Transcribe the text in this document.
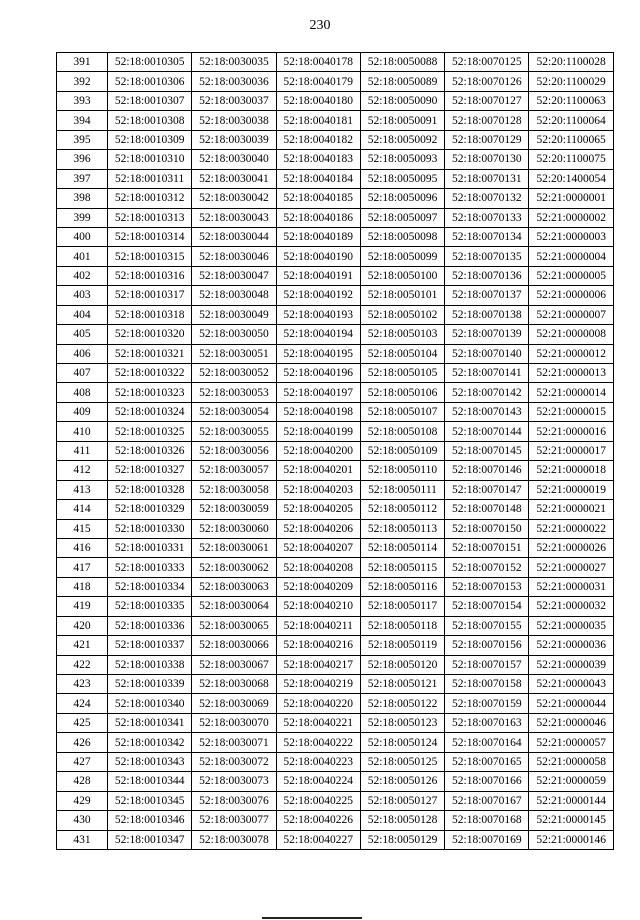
230
391	52:18:0010305	52:18:0030035	52:18:0040178	52:18:0050088	52:18:0070125	52:20:1100028
392	52:18:0010306	52:18:0030036	52:18:0040179	52:18:0050089	52:18:0070126	52:20:1100029
393	52:18:0010307	52:18:0030037	52:18:0040180	52:18:0050090	52:18:0070127	52:20:1100063
394	52:18:0010308	52:18:0030038	52:18:0040181	52:18:0050091	52:18:0070128	52:20:1100064
395	52:18:0010309	52:18:0030039	52:18:0040182	52:18:0050092	52:18:0070129	52:20:1100065
396	52:18:0010310	52:18:0030040	52:18:0040183	52:18:0050093	52:18:0070130	52:20:1100075
397	52:18:0010311	52:18:0030041	52:18:0040184	52:18:0050095	52:18:0070131	52:20:1400054
398	52:18:0010312	52:18:0030042	52:18:0040185	52:18:0050096	52:18:0070132	52:21:0000001
399	52:18:0010313	52:18:0030043	52:18:0040186	52:18:0050097	52:18:0070133	52:21:0000002
400	52:18:0010314	52:18:0030044	52:18:0040189	52:18:0050098	52:18:0070134	52:21:0000003
401	52:18:0010315	52:18:0030046	52:18:0040190	52:18:0050099	52:18:0070135	52:21:0000004
402	52:18:0010316	52:18:0030047	52:18:0040191	52:18:0050100	52:18:0070136	52:21:0000005
403	52:18:0010317	52:18:0030048	52:18:0040192	52:18:0050101	52:18:0070137	52:21:0000006
404	52:18:0010318	52:18:0030049	52:18:0040193	52:18:0050102	52:18:0070138	52:21:0000007
405	52:18:0010320	52:18:0030050	52:18:0040194	52:18:0050103	52:18:0070139	52:21:0000008
406	52:18:0010321	52:18:0030051	52:18:0040195	52:18:0050104	52:18:0070140	52:21:0000012
407	52:18:0010322	52:18:0030052	52:18:0040196	52:18:0050105	52:18:0070141	52:21:0000013
408	52:18:0010323	52:18:0030053	52:18:0040197	52:18:0050106	52:18:0070142	52:21:0000014
409	52:18:0010324	52:18:0030054	52:18:0040198	52:18:0050107	52:18:0070143	52:21:0000015
410	52:18:0010325	52:18:0030055	52:18:0040199	52:18:0050108	52:18:0070144	52:21:0000016
411	52:18:0010326	52:18:0030056	52:18:0040200	52:18:0050109	52:18:0070145	52:21:0000017
412	52:18:0010327	52:18:0030057	52:18:0040201	52:18:0050110	52:18:0070146	52:21:0000018
413	52:18:0010328	52:18:0030058	52:18:0040203	52:18:0050111	52:18:0070147	52:21:0000019
414	52:18:0010329	52:18:0030059	52:18:0040205	52:18:0050112	52:18:0070148	52:21:0000021
415	52:18:0010330	52:18:0030060	52:18:0040206	52:18:0050113	52:18:0070150	52:21:0000022
416	52:18:0010331	52:18:0030061	52:18:0040207	52:18:0050114	52:18:0070151	52:21:0000026
417	52:18:0010333	52:18:0030062	52:18:0040208	52:18:0050115	52:18:0070152	52:21:0000027
418	52:18:0010334	52:18:0030063	52:18:0040209	52:18:0050116	52:18:0070153	52:21:0000031
419	52:18:0010335	52:18:0030064	52:18:0040210	52:18:0050117	52:18:0070154	52:21:0000032
420	52:18:0010336	52:18:0030065	52:18:0040211	52:18:0050118	52:18:0070155	52:21:0000035
421	52:18:0010337	52:18:0030066	52:18:0040216	52:18:0050119	52:18:0070156	52:21:0000036
422	52:18:0010338	52:18:0030067	52:18:0040217	52:18:0050120	52:18:0070157	52:21:0000039
423	52:18:0010339	52:18:0030068	52:18:0040219	52:18:0050121	52:18:0070158	52:21:0000043
424	52:18:0010340	52:18:0030069	52:18:0040220	52:18:0050122	52:18:0070159	52:21:0000044
425	52:18:0010341	52:18:0030070	52:18:0040221	52:18:0050123	52:18:0070163	52:21:0000046
426	52:18:0010342	52:18:0030071	52:18:0040222	52:18:0050124	52:18:0070164	52:21:0000057
427	52:18:0010343	52:18:0030072	52:18:0040223	52:18:0050125	52:18:0070165	52:21:0000058
428	52:18:0010344	52:18:0030073	52:18:0040224	52:18:0050126	52:18:0070166	52:21:0000059
429	52:18:0010345	52:18:0030076	52:18:0040225	52:18:0050127	52:18:0070167	52:21:0000144
430	52:18:0010346	52:18:0030077	52:18:0040226	52:18:0050128	52:18:0070168	52:21:0000145
431	52:18:0010347	52:18:0030078	52:18:0040227	52:18:0050129	52:18:0070169	52:21:0000146
